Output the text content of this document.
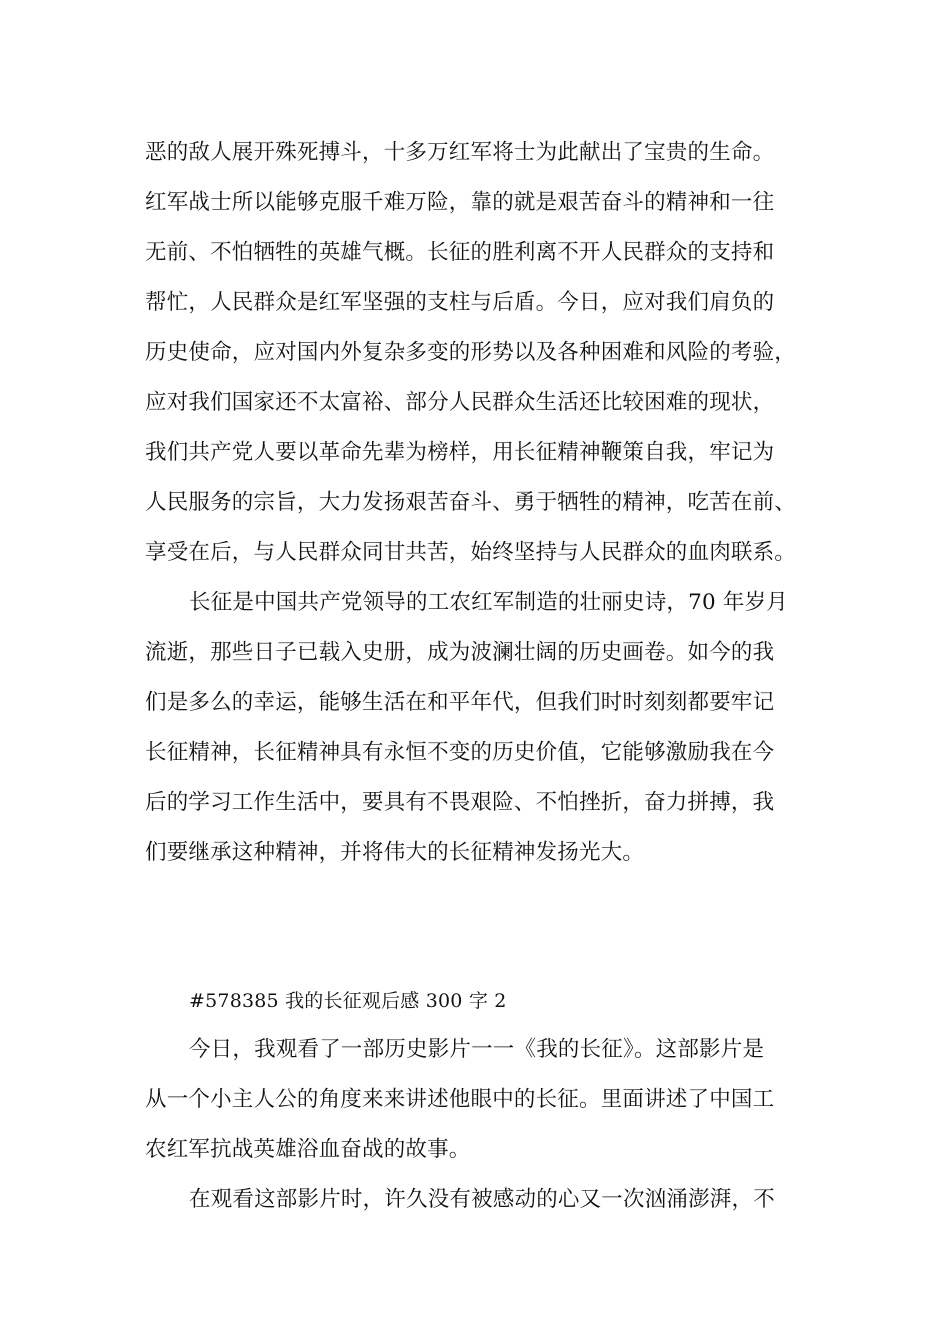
恶的敌人展开殊死搏斗，十多万红军将士为此献出了宝贵的生命。
红军战士所以能够克服千难万险，靠的就是艰苦奋斗的精神和一往
无前、不怕牺牲的英雄气概。长征的胜利离不开人民群众的支持和
帮忙，人民群众是红军坚强的支柱与后盾。今日，应对我们肩负的
历史使命，应对国内外复杂多变的形势以及各种困难和风险的考验，
应对我们国家还不太富裕、部分人民群众生活还比较困难的现状，
我们共产党人要以革命先辈为榜样，用长征精神鞭策自我，牢记为
人民服务的宗旨，大力发扬艰苦奋斗、勇于牺牲的精神，吃苦在前、
享受在后，与人民群众同甘共苦，始终坚持与人民群众的血肉联系。
长征是中国共产党领导的工农红军制造的壮丽史诗，70 年岁月
流逝，那些日子已载入史册，成为波澜壮阔的历史画卷。如今的我
们是多么的幸运，能够生活在和平年代，但我们时时刻刻都要牢记
长征精神，长征精神具有永恒不变的历史价值，它能够激励我在今
后的学习工作生活中，要具有不畏艰险、不怕挫折，奋力拼搏，我
们要继承这种精神，并将伟大的长征精神发扬光大。
#578385 我的长征观后感 300 字 2
今日，我观看了一部历史影片一一《我的长征》。这部影片是
从一个小主人公的角度来来讲述他眼中的长征。里面讲述了中国工
农红军抗战英雄浴血奋战的故事。
在观看这部影片时，许久没有被感动的心又一次汹涌澎湃，不
